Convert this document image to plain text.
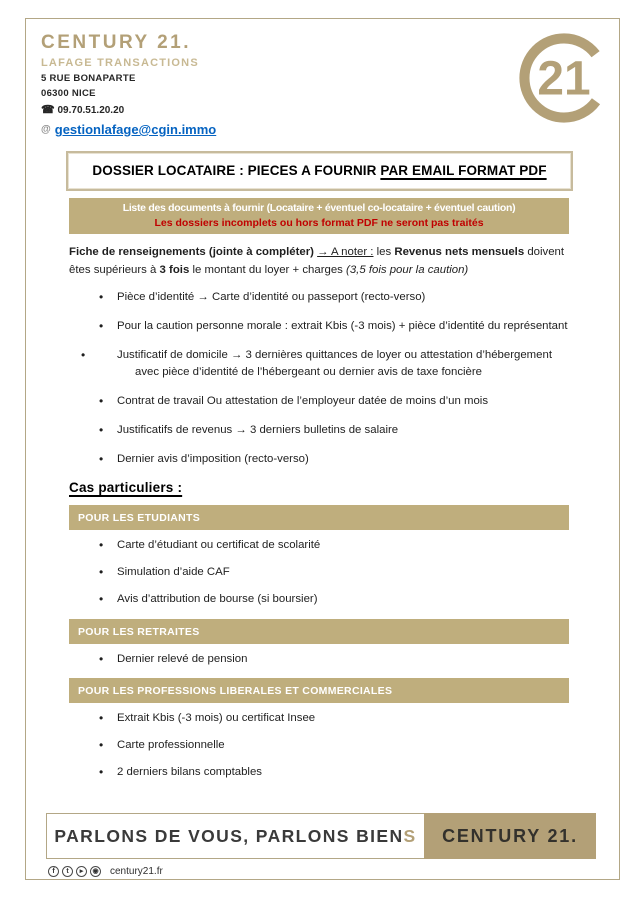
CENTURY 21.
LAFAGE TRANSACTIONS
5 RUE BONAPARTE
06300 NICE
☎ 09.70.51.20.20
@ gestionlafage@cgin.immo
21
DOSSIER LOCATAIRE : PIECES A FOURNIR PAR EMAIL FORMAT PDF
Liste des documents à fournir (Locataire + éventuel co-locataire + éventuel caution)
Les dossiers incomplets ou hors format PDF ne seront pas traités

Fiche de renseignements (jointe à compléter) → A noter : les Revenus nets mensuels doivent êtes supérieurs à 3 fois le montant du loyer + charges (3,5 fois pour la caution)

• Pièce d’identité → Carte d’identité ou passeport (recto-verso)
• Pour la caution personne morale : extrait Kbis (-3 mois) + pièce d’identité du représentant
• Justificatif de domicile → 3 dernières quittances de loyer ou attestation d’hébergement avec pièce d’identité de l’hébergeant ou dernier avis de taxe foncière
• Contrat de travail Ou attestation de l’employeur datée de moins d’un mois
• Justificatifs de revenus → 3 derniers bulletins de salaire
• Dernier avis d’imposition (recto-verso)
Cas particuliers :
POUR LES ETUDIANTS
• Carte d’étudiant ou certificat de scolarité
• Simulation d’aide CAF
• Avis d’attribution de bourse (si boursier)
POUR LES RETRAITES
• Dernier relevé de pension
POUR LES PROFESSIONS LIBERALES ET COMMERCIALES
• Extrait Kbis (-3 mois) ou certificat Insee
• Carte professionnelle
• 2 derniers bilans comptables
PARLONS DE VOUS, PARLONS BIEN S CENTURY 21.
f	t	▸	◉ century21.fr
